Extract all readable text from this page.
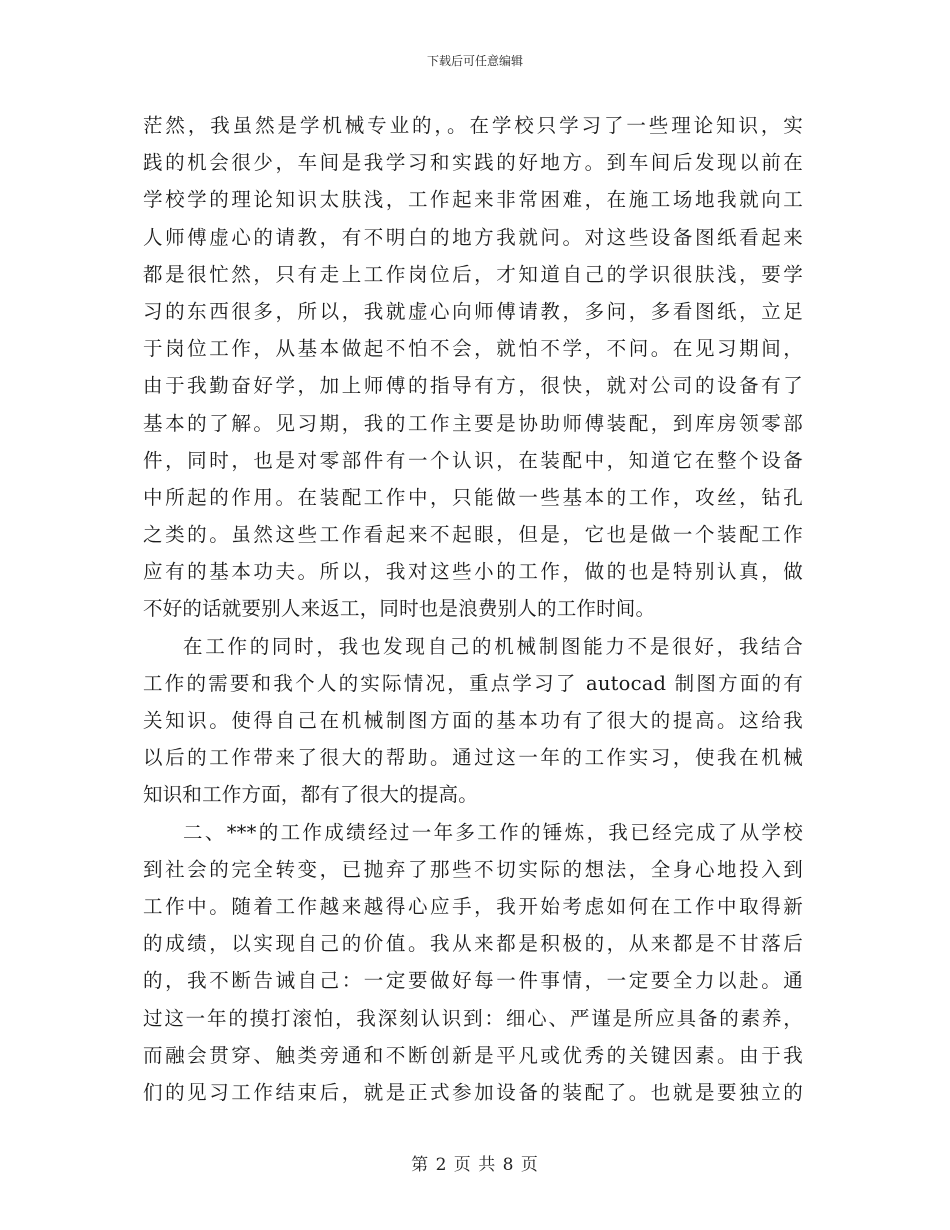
下载后可任意编辑
茫然，我虽然是学机械专业的，。在学校只学习了一些理论知识，实
践的机会很少，车间是我学习和实践的好地方。到车间后发现以前在
学校学的理论知识太肤浅，工作起来非常困难，在施工场地我就向工
人师傅虚心的请教，有不明白的地方我就问。对这些设备图纸看起来
都是很忙然，只有走上工作岗位后，才知道自己的学识很肤浅，要学
习的东西很多，所以，我就虚心向师傅请教，多问，多看图纸，立足
于岗位工作，从基本做起不怕不会，就怕不学，不问。在见习期间，
由于我勤奋好学，加上师傅的指导有方，很快，就对公司的设备有了
基本的了解。见习期，我的工作主要是协助师傅装配，到库房领零部
件，同时，也是对零部件有一个认识，在装配中，知道它在整个设备
中所起的作用。在装配工作中，只能做一些基本的工作，攻丝，钻孔
之类的。虽然这些工作看起来不起眼，但是，它也是做一个装配工作
应有的基本功夫。所以，我对这些小的工作，做的也是特别认真，做
不好的话就要别人来返工，同时也是浪费别人的工作时间。
在工作的同时，我也发现自己的机械制图能力不是很好，我结合
工作的需要和我个人的实际情况，重点学习了 autocad 制图方面的有
关知识。使得自己在机械制图方面的基本功有了很大的提高。这给我
以后的工作带来了很大的帮助。通过这一年的工作实习，使我在机械
知识和工作方面，都有了很大的提高。
二、***的工作成绩经过一年多工作的锤炼，我已经完成了从学校
到社会的完全转变，已抛弃了那些不切实际的想法，全身心地投入到
工作中。随着工作越来越得心应手，我开始考虑如何在工作中取得新
的成绩，以实现自己的价值。我从来都是积极的，从来都是不甘落后
的，我不断告诫自己：一定要做好每一件事情，一定要全力以赴。通
过这一年的摸打滚怕，我深刻认识到：细心、严谨是所应具备的素养，
而融会贯穿、触类旁通和不断创新是平凡或优秀的关键因素。由于我
们的见习工作结束后，就是正式参加设备的装配了。也就是要独立的
第 2 页 共 8 页
